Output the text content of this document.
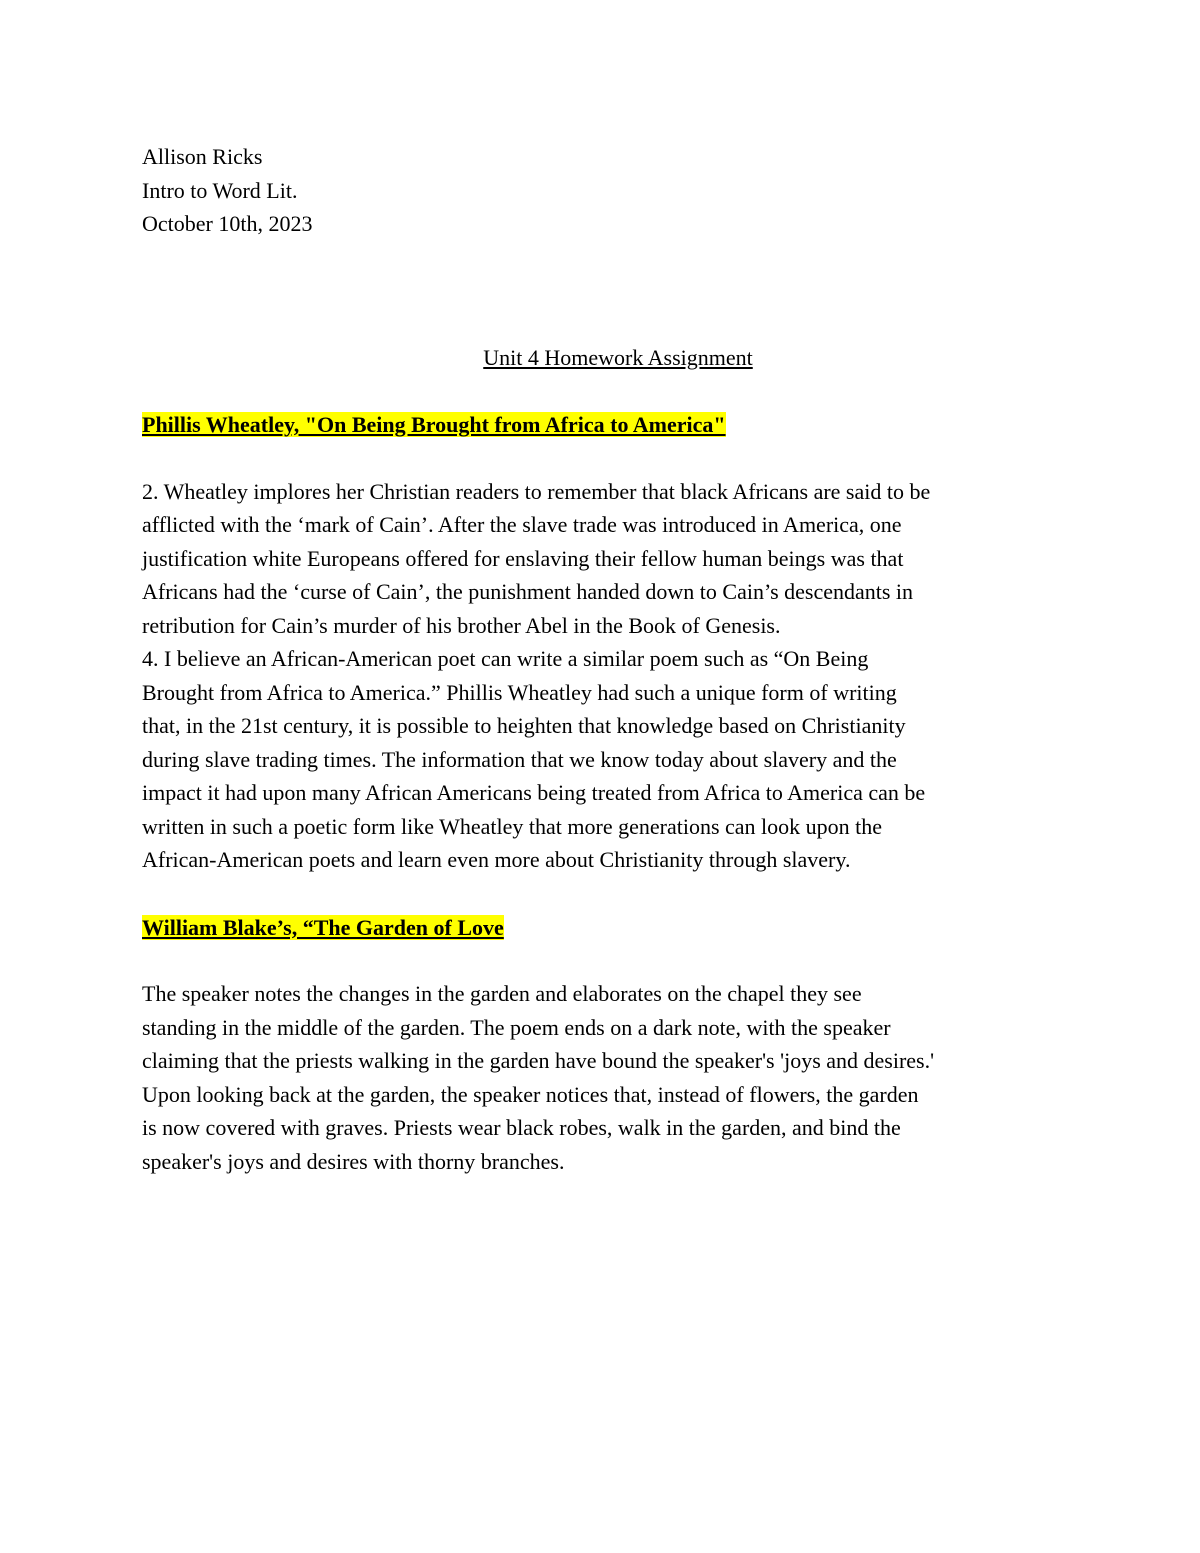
Allison Ricks
Intro to Word Lit.
October 10th, 2023
Unit 4 Homework Assignment
Phillis Wheatley, "On Being Brought from Africa to America"
2. Wheatley implores her Christian readers to remember that black Africans are said to be
afflicted with the ‘mark of Cain’. After the slave trade was introduced in America, one
justification white Europeans offered for enslaving their fellow human beings was that
Africans had the ‘curse of Cain’, the punishment handed down to Cain’s descendants in
retribution for Cain’s murder of his brother Abel in the Book of Genesis.
4. I believe an African-American poet can write a similar poem such as “On Being
Brought from Africa to America.” Phillis Wheatley had such a unique form of writing
that, in the 21st century, it is possible to heighten that knowledge based on Christianity
during slave trading times. The information that we know today about slavery and the
impact it had upon many African Americans being treated from Africa to America can be
written in such a poetic form like Wheatley that more generations can look upon the
African-American poets and learn even more about Christianity through slavery.
William Blake’s, “The Garden of Love
The speaker notes the changes in the garden and elaborates on the chapel they see
standing in the middle of the garden. The poem ends on a dark note, with the speaker
claiming that the priests walking in the garden have bound the speaker's 'joys and desires.'
Upon looking back at the garden, the speaker notices that, instead of flowers, the garden
is now covered with graves. Priests wear black robes, walk in the garden, and bind the
speaker's joys and desires with thorny branches.
